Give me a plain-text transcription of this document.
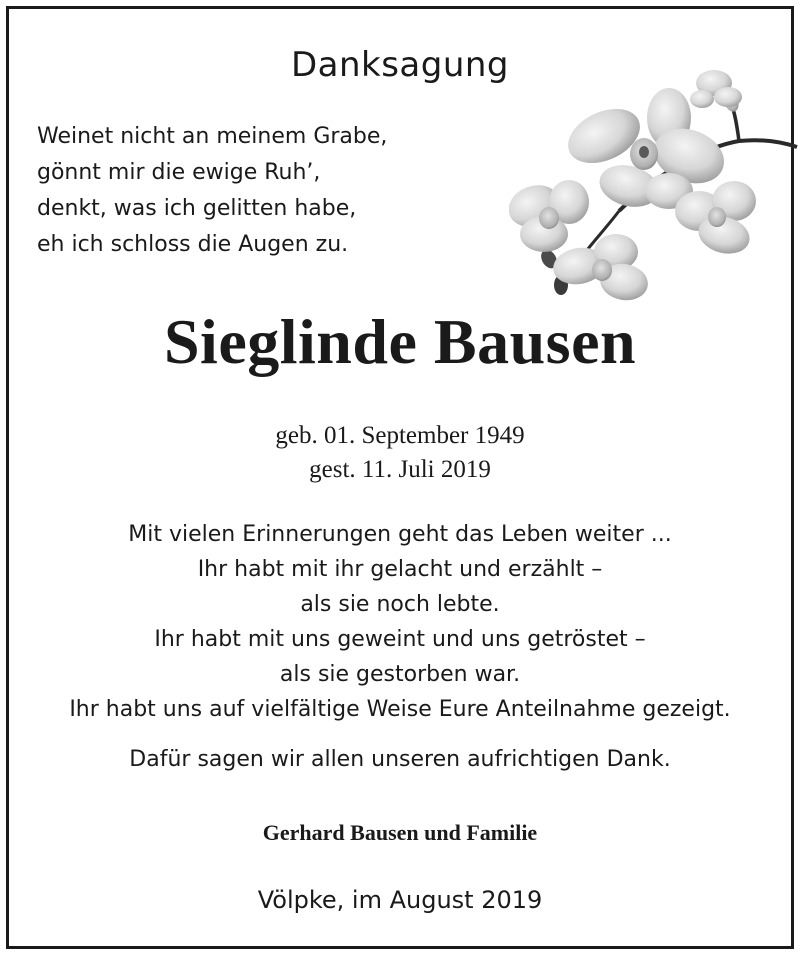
Danksagung
Weinet nicht an meinem Grabe,
gönnt mir die ewige Ruh’,
denkt, was ich gelitten habe,
eh ich schloss die Augen zu.
Sieglinde Bausen
geb. 01. September 1949
gest. 11. Juli 2019
Mit vielen Erinnerungen geht das Leben weiter ...
Ihr habt mit ihr gelacht und erzählt –
als sie noch lebte.
Ihr habt mit uns geweint und uns getröstet –
als sie gestorben war.
Ihr habt uns auf vielfältige Weise Eure Anteilnahme gezeigt.
Dafür sagen wir allen unseren aufrichtigen Dank.
Gerhard Bausen und Familie
Völpke, im August 2019
